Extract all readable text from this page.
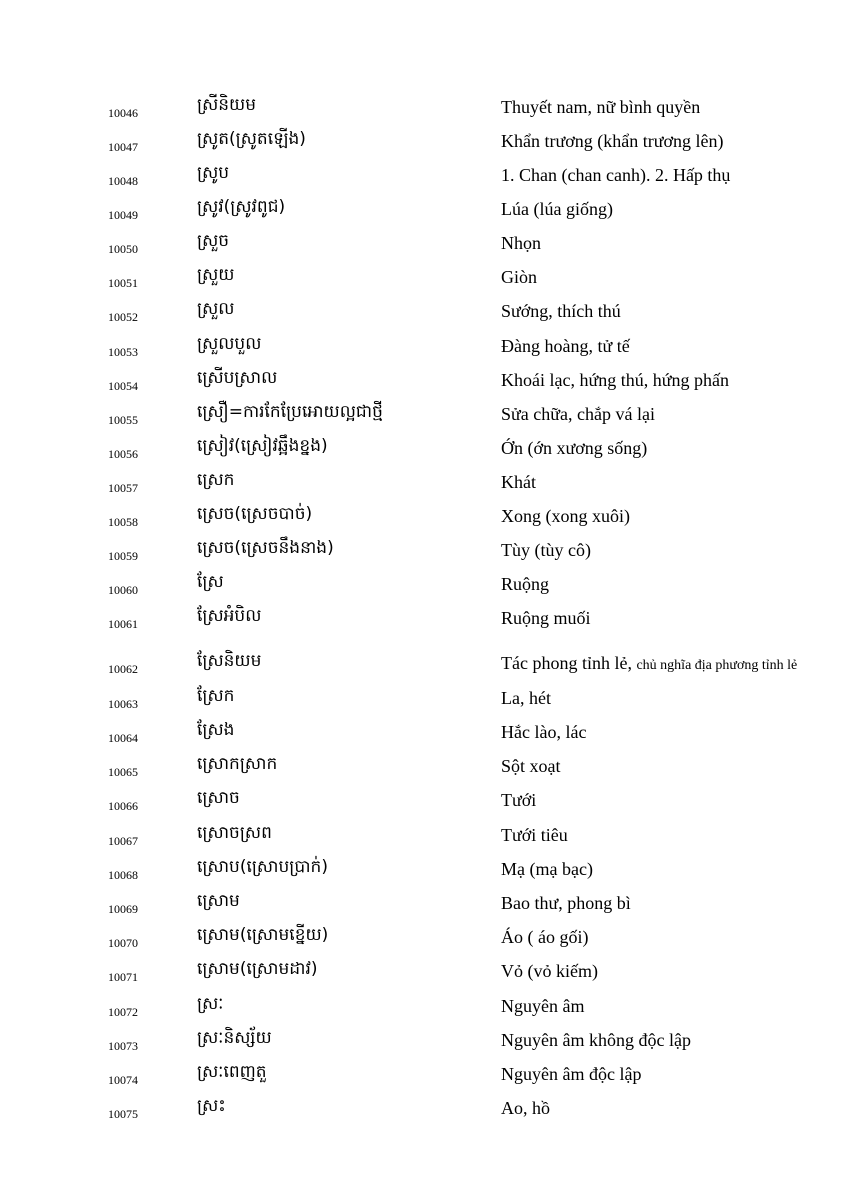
10046	ស្រីនិយម	Thuyết nam, nữ bình quyền
10047	ស្រូត(ស្រូតឡើង)	Khẩn trương (khẩn trương lên)
10048	ស្រូប	1. Chan (chan canh). 2. Hấp thụ
10049	ស្រូវ(ស្រូវពូជ)	Lúa (lúa giống)
10050	ស្រួច	Nhọn
10051	ស្រួយ	Giòn
10052	ស្រួល	Sướng, thích thú
10053	ស្រួលបួល	Đàng hoàng, tử tế
10054	ស្រើបស្រាល	Khoái lạc, hứng thú, hứng phấn
10055	ស្រឿ=ការកែប្រែអោយល្អជាថ្មី	Sửa chữa, chắp vá lại
10056	ស្រៀវ(ស្រៀវឆ្អឹងខ្នង)	Ớn (ớn xương sống)
10057	ស្រេក	Khát
10058	ស្រេច(ស្រេចបាច់)	Xong (xong xuôi)
10059	ស្រេច(ស្រេចនឹងនាង)	Tùy (tùy cô)
10060	ស្រែ	Ruộng
10061	ស្រែអំបិល	Ruộng muối
10062	ស្រែនិយម	Tác phong tỉnh lẻ, chủ nghĩa địa phương tỉnh lẻ
10063	ស្រែក	La, hét
10064	ស្រែង	Hắc lào, lác
10065	ស្រោកស្រាក	Sột xoạt
10066	ស្រោច	Tưới
10067	ស្រោចស្រព	Tưới tiêu
10068	ស្រោប(ស្រោបប្រាក់)	Mạ (mạ bạc)
10069	ស្រោម	Bao thư, phong bì
10070	ស្រោម(ស្រោមខ្នើយ)	Áo ( áo gối)
10071	ស្រោម(ស្រោមដាវ)	Vỏ (vỏ kiếm)
10072	ស្រៈ	Nguyên âm
10073	ស្រៈនិស្ស័យ	Nguyên âm không độc lập
10074	ស្រៈពេញតួ	Nguyên âm độc lập
10075	ស្រះ	Ao, hồ
